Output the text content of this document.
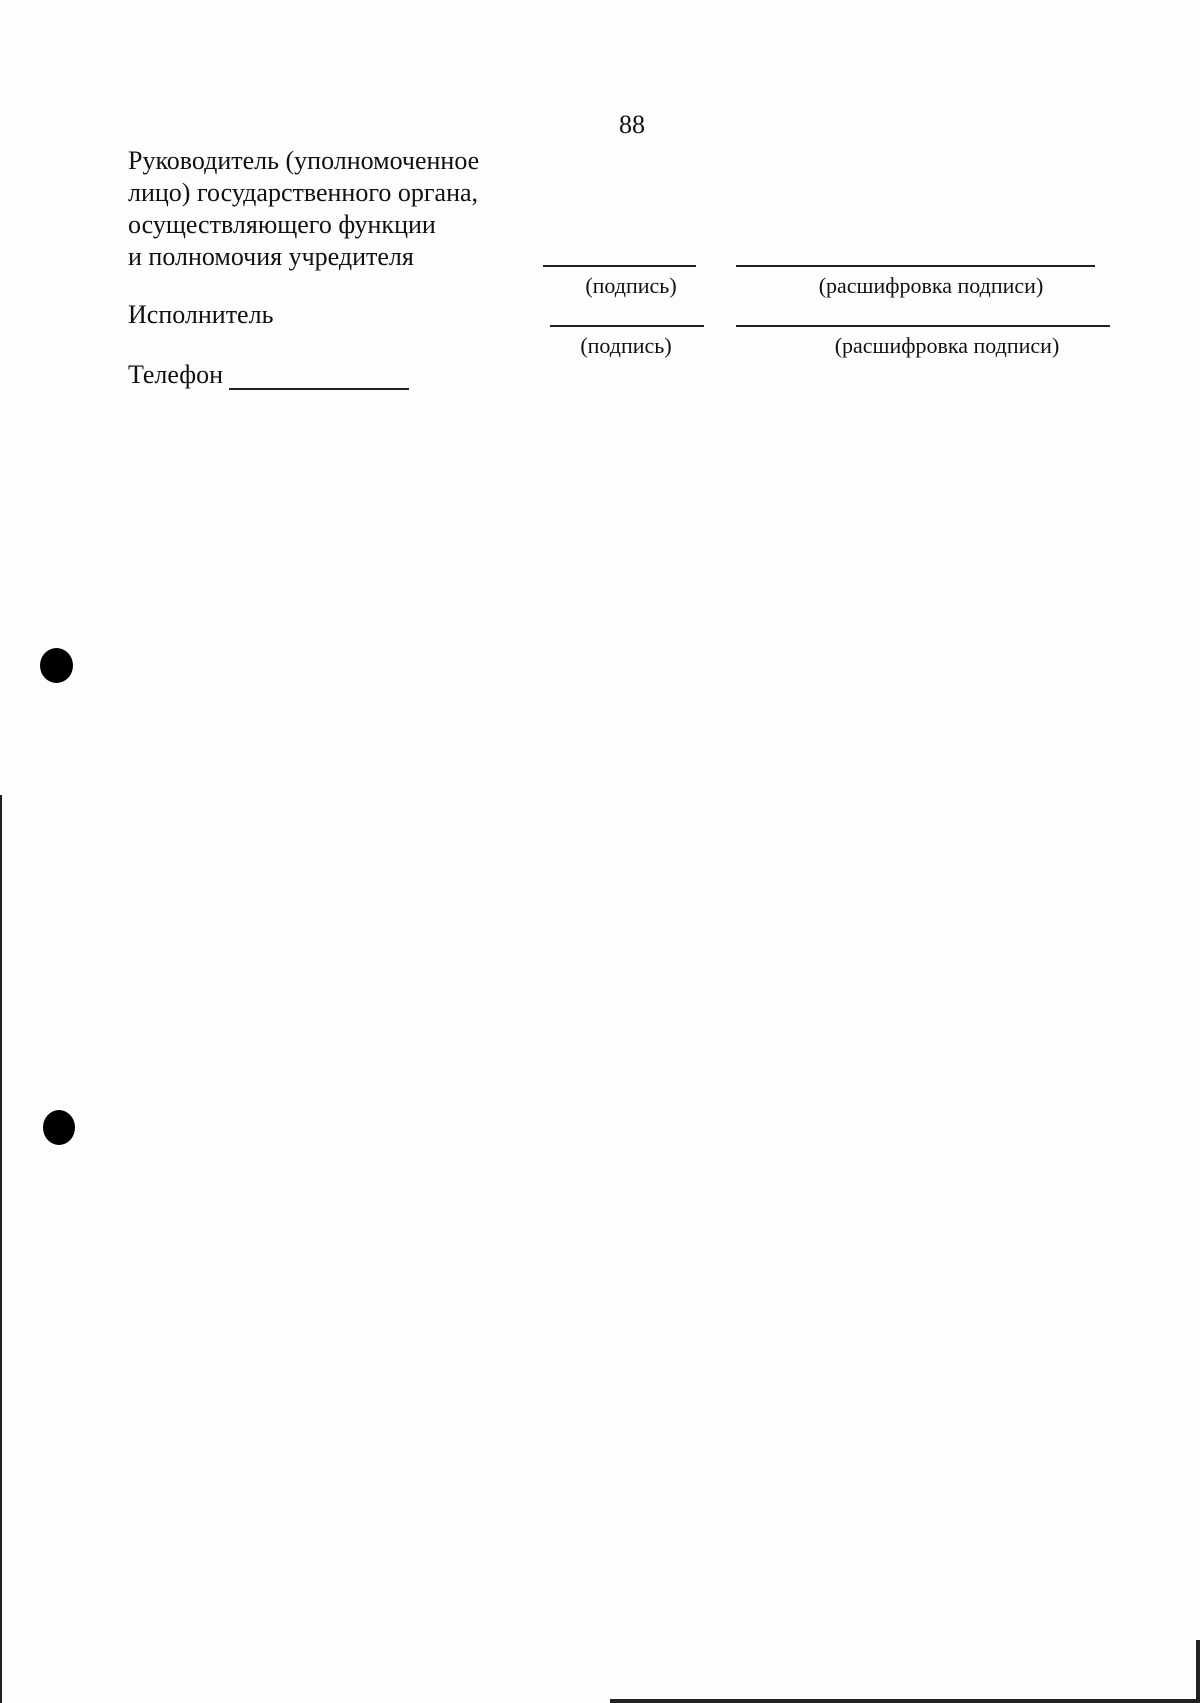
88
Руководитель (уполномоченное
лицо) государственного органа,
осуществляющего функции
и полномочия учредителя
(подпись)	(расшифровка подписи)
Исполнитель
(подпись)	(расшифровка подписи)
Телефон
